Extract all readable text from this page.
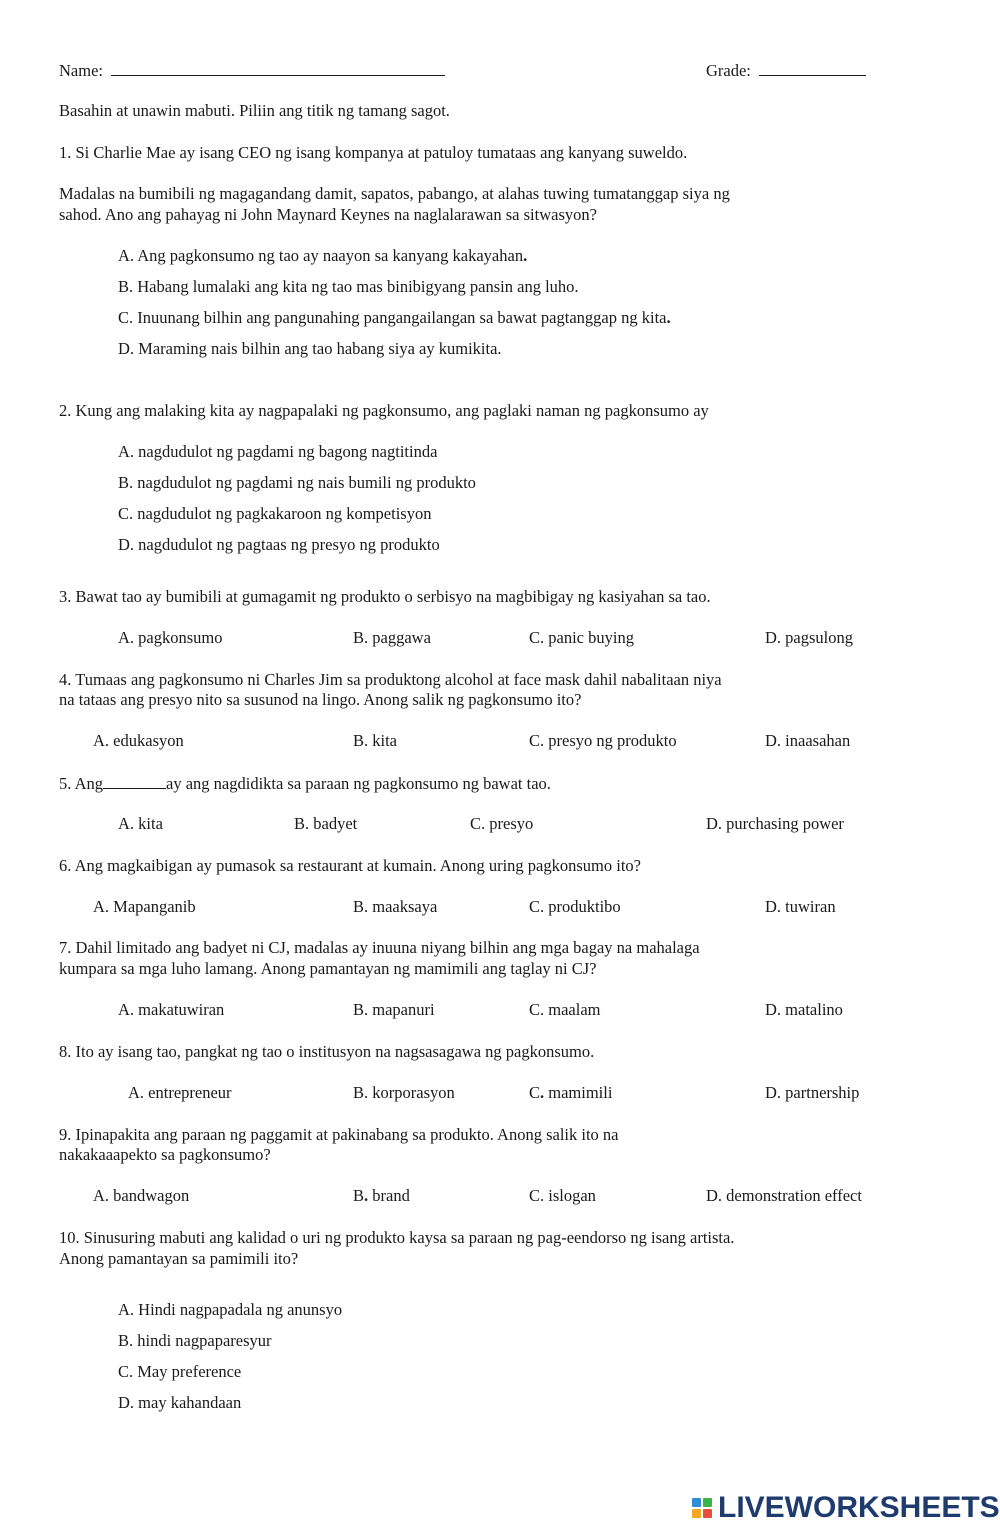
Name:	Grade:
Basahin at unawin mabuti. Piliin ang titik ng tamang sagot.
1. Si Charlie Mae ay isang CEO ng isang kompanya at patuloy tumataas ang kanyang suweldo.
Madalas na bumibili ng magagandang damit, sapatos, pabango, at alahas tuwing tumatanggap siya ng
sahod. Ano ang pahayag ni John Maynard Keynes na naglalarawan sa sitwasyon?
A. Ang pagkonsumo ng tao ay naayon sa kanyang kakayahan.
B. Habang lumalaki ang kita ng tao mas binibigyang pansin ang luho.
C. Inuunang bilhin ang pangunahing pangangailangan sa bawat pagtanggap ng kita.
D. Maraming nais bilhin ang tao habang siya ay kumikita.
2. Kung ang malaking kita ay nagpapalaki ng pagkonsumo, ang paglaki naman ng pagkonsumo ay
A. nagdudulot ng pagdami ng bagong nagtitinda
B. nagdudulot ng pagdami ng nais bumili ng produkto
C. nagdudulot ng pagkakaroon ng kompetisyon
D. nagdudulot ng pagtaas ng presyo ng produkto
3. Bawat tao ay bumibili at gumagamit ng produkto o serbisyo na magbibigay ng kasiyahan sa tao.
A. pagkonsumo	B. paggawa	C. panic buying	D. pagsulong
4. Tumaas ang pagkonsumo ni Charles Jim sa produktong alcohol at face mask dahil nabalitaan niya
na tataas ang presyo nito sa susunod na lingo. Anong salik ng pagkonsumo ito?
A. edukasyon	B. kita	C. presyo ng produkto	D. inaasahan
5. Ang	ay ang nagdidikta sa paraan ng pagkonsumo ng bawat tao.
A. kita	B. badyet	C. presyo	D. purchasing power
6. Ang magkaibigan ay pumasok sa restaurant at kumain. Anong uring pagkonsumo ito?
A. Mapanganib	B. maaksaya	C. produktibo	D. tuwiran
7. Dahil limitado ang badyet ni CJ, madalas ay inuuna niyang bilhin ang mga bagay na mahalaga
kumpara sa mga luho lamang. Anong pamantayan ng mamimili ang taglay ni CJ?
A. makatuwiran	B. mapanuri	C. maalam	D. matalino
8. Ito ay isang tao, pangkat ng tao o institusyon na nagsasagawa ng pagkonsumo.
A. entrepreneur	B. korporasyon	C. mamimili	D. partnership
9. Ipinapakita ang paraan ng paggamit at pakinabang sa produkto. Anong salik ito na
nakakaaapekto sa pagkonsumo?
A. bandwagon	B. brand	C. islogan	D. demonstration effect
10. Sinusuring mabuti ang kalidad o uri ng produkto kaysa sa paraan ng pag-eendorso ng isang artista.
Anong pamantayan sa pamimili ito?
A. Hindi nagpapadala ng anunsyo
B. hindi nagpaparesyur
C. May preference
D. may kahandaan
LIVEWORKSHEETS
